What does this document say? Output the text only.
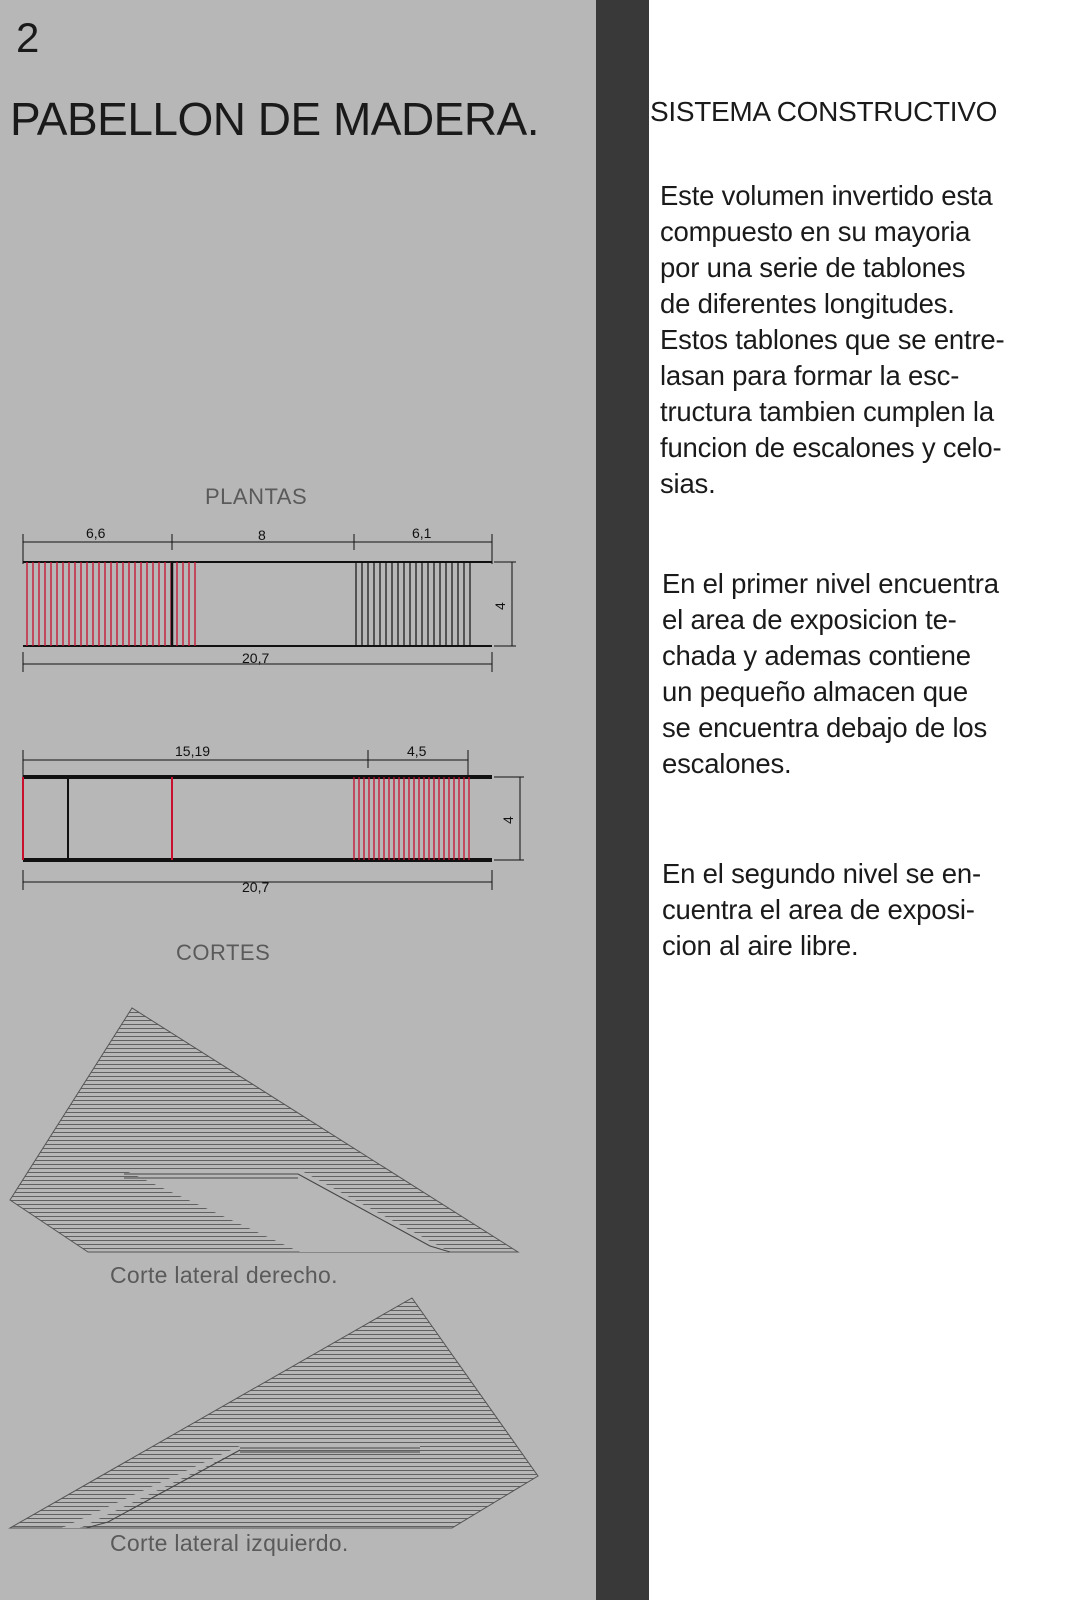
2
PABELLON DE MADERA.
PLANTAS
6,6	8	6,1
20,7
4
15,19	4,5
20,7
4
CORTES
Corte lateral derecho.
Corte lateral izquierdo.
SISTEMA CONSTRUCTIVO
Este volumen invertido esta
compuesto en su mayoria
por una serie de tablones
de diferentes longitudes.
Estos tablones que se entre-
lasan para formar la esc-
tructura tambien cumplen la
funcion de escalones y celo-
sias.
En el primer nivel encuentra
el area de exposicion te-
chada y ademas contiene
un pequeño almacen que
se encuentra debajo de los
escalones.
En el segundo nivel se en-
cuentra el area de exposi-
cion al aire libre.
